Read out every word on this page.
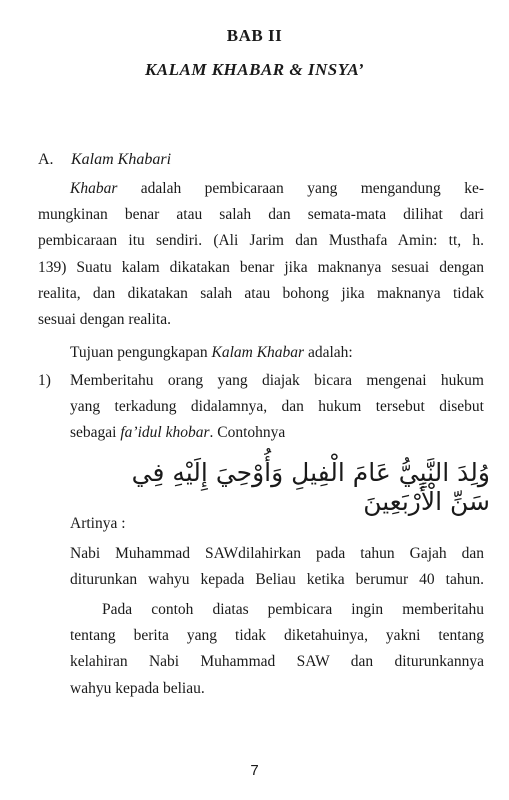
BAB II
KALAM KHABAR & INSYA’
A. Kalam Khabari
Khabar adalah pembicaraan yang mengandung ke-
mungkinan benar atau salah dan semata-mata dilihat dari
pembicaraan itu sendiri. (Ali Jarim dan Musthafa Amin: tt, h.
139) Suatu kalam dikatakan benar jika maknanya sesuai dengan
realita, dan dikatakan salah atau bohong jika maknanya tidak
sesuai dengan realita.
Tujuan pengungkapan Kalam Khabar adalah:
1) Memberitahu orang yang diajak bicara mengenai hukum
yang terkadung didalamnya, dan hukum tersebut disebut
sebagai fa’idul khobar. Contohnya
وُلِدَ النَّبِيُّ عَامَ الْفِيلِ وَأُوْحِيَ إِلَيْهِ فِي سَنِّ الْأَرْبَعِينَ
Artinya :
Nabi Muhammad SAWdilahirkan pada tahun Gajah dan
diturunkan wahyu kepada Beliau ketika berumur 40 tahun.
Pada contoh diatas pembicara ingin memberitahu
tentang berita yang tidak diketahuinya, yakni tentang
kelahiran Nabi Muhammad SAW dan diturunkannya
wahyu kepada beliau.
7
